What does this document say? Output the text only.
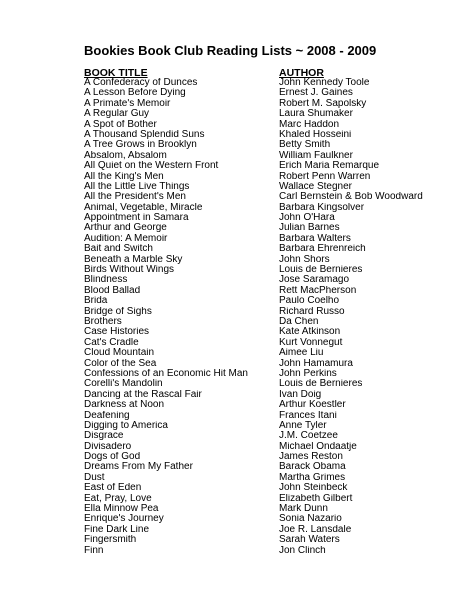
Bookies Book Club Reading Lists ~ 2008 - 2009
BOOK TITLE	AUTHOR
A Confederacy of Dunces	John Kennedy Toole
A Lesson Before Dying	Ernest J. Gaines
A Primate's Memoir	Robert M. Sapolsky
A Regular Guy	Laura Shumaker
A Spot of Bother	Marc Haddon
A Thousand Splendid Suns	Khaled Hosseini
A Tree Grows in Brooklyn	Betty Smith
Absalom, Absalom	William Faulkner
All Quiet on the Western Front	Erich Maria Remarque
All the King's Men	Robert Penn Warren
All the Little Live Things	Wallace Stegner
All the President's Men	Carl Bernstein & Bob Woodward
Animal, Vegetable, Miracle	Barbara Kingsolver
Appointment in Samara	John O'Hara
Arthur and George	Julian Barnes
Audition: A Memoir	Barbara Walters
Bait and Switch	Barbara Ehrenreich
Beneath a Marble Sky	John Shors
Birds Without Wings	Louis de Bernieres
Blindness	Jose Saramago
Blood Ballad	Rett MacPherson
Brida	Paulo Coelho
Bridge of Sighs	Richard Russo
Brothers	Da Chen
Case Histories	Kate Atkinson
Cat's Cradle	Kurt Vonnegut
Cloud Mountain	Aimee Liu
Color of the Sea	John Hamamura
Confessions of an Economic Hit Man	John Perkins
Corelli's Mandolin	Louis de Bernieres
Dancing at the Rascal Fair	Ivan Doig
Darkness at Noon	Arthur Koestler
Deafening	Frances Itani
Digging to America	Anne Tyler
Disgrace	J.M. Coetzee
Divisadero	Michael Ondaatje
Dogs of God	James Reston
Dreams From My Father	Barack Obama
Dust	Martha Grimes
East of Eden	John Steinbeck
Eat, Pray, Love	Elizabeth Gilbert
Ella Minnow Pea	Mark Dunn
Enrique's Journey	Sonia Nazario
Fine Dark Line	Joe R. Lansdale
Fingersmith	Sarah Waters
Finn	Jon Clinch
